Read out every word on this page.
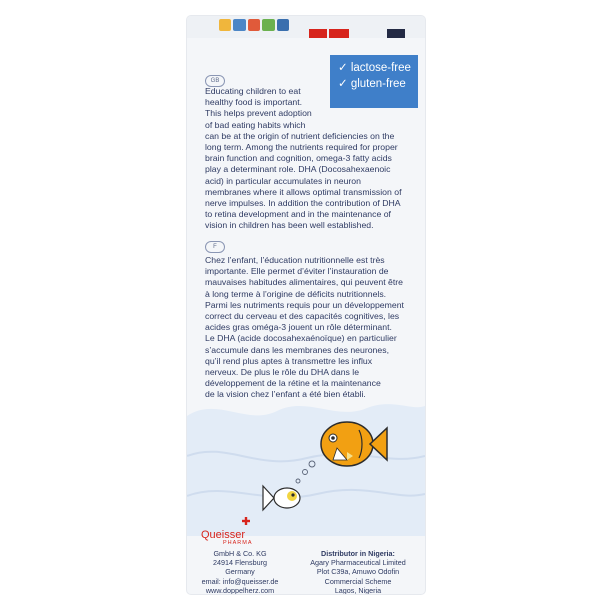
✓ lactose-free
✓ gluten-free
GB
Educating children to eat
healthy food is important.
This helps prevent adoption
of bad eating habits which
can be at the origin of nutrient deficiencies on the
long term. Among the nutrients required for proper
brain function and cognition, omega-3 fatty acids
play a determinant role. DHA (Docosahexaenoic
acid) in particular accumulates in neuron
membranes where it allows optimal transmission of
nerve impulses. In addition the contribution of DHA
to retina development and in the maintenance of
vision in children has been well established.
F
Chez l’enfant, l’éducation nutritionnelle est très
importante. Elle permet d’éviter l’instauration de
mauvaises habitudes alimentaires, qui peuvent être
à long terme à l’origine de déficits nutritionnels.
Parmi les nutriments requis pour un développement
correct du cerveau et des capacités cognitives, les
acides gras oméga-3 jouent un rôle déterminant.
Le DHA (acide docosahexaénoïque) en particulier
s’accumule dans les membranes des neurones,
qu’il rend plus aptes à transmettre les influx
nerveux. De plus le rôle du DHA dans le
développement de la rétine et la maintenance
de la vision chez l’enfant a été bien établi.
Queisser
PHARMA
GmbH & Co. KG
24914 Flensburg
Germany
email: info@queisser.de
www.doppelherz.com
Distributor in Nigeria:
Agary Pharmaceutical Limited
Plot C39a, Amuwo Odofin
Commercial Scheme
Lagos, Nigeria
